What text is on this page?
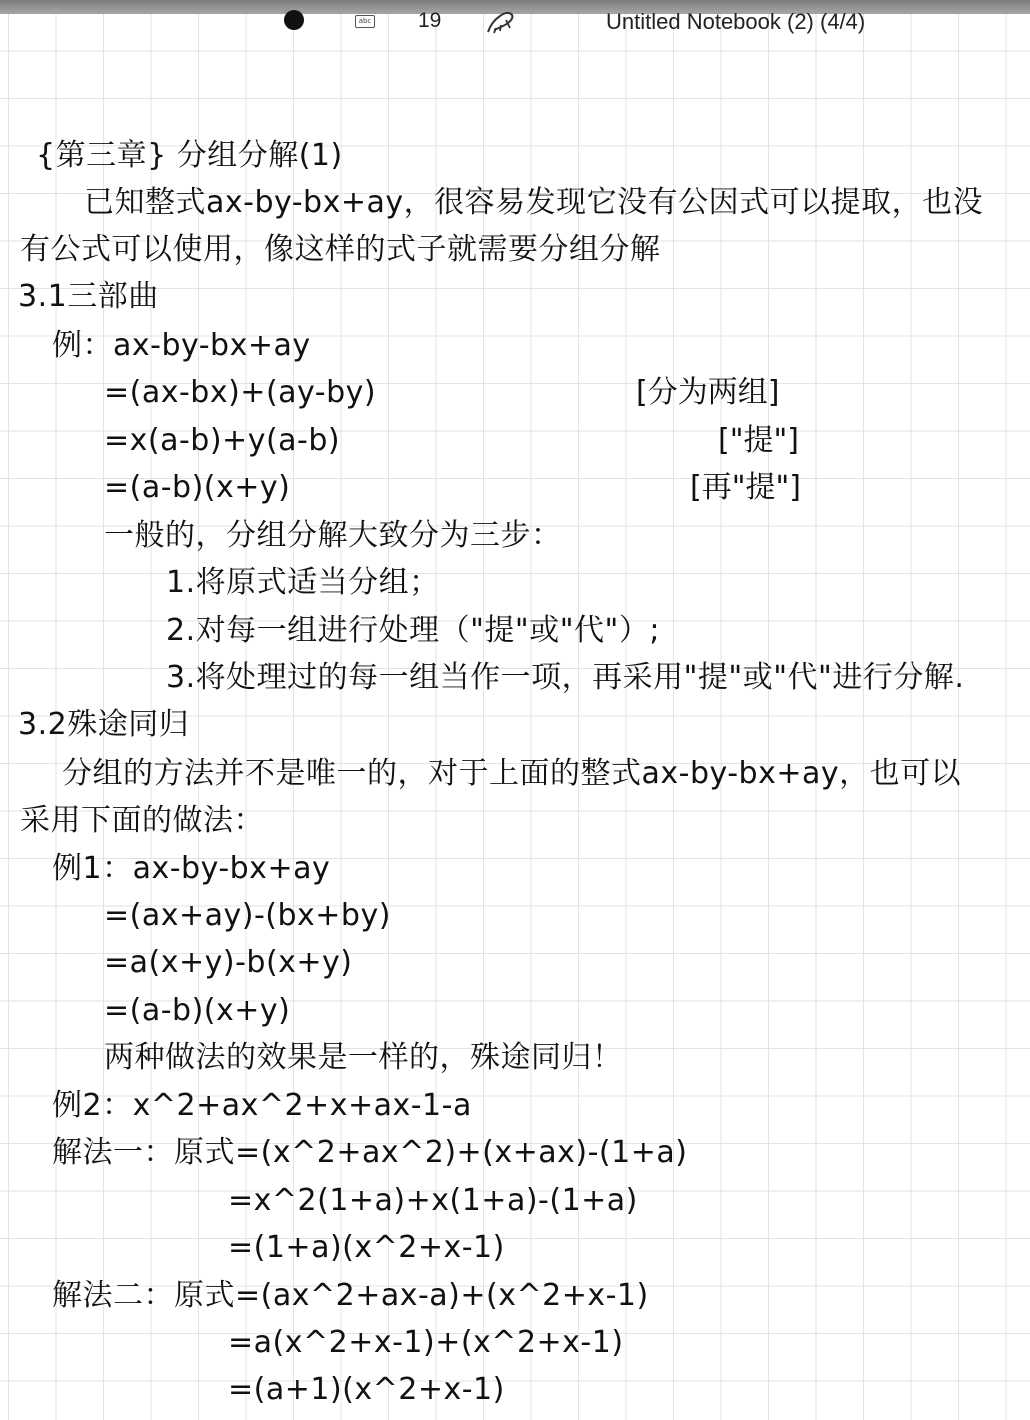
abc 19	Untitled Notebook (2) (4/4)
{第三章} 分组分解(1)
已知整式ax-by-bx+ay，很容易发现它没有公因式可以提取，也没
有公式可以使用，像这样的式子就需要分组分解
3.1三部曲
例：ax-by-bx+ay
=(ax-bx)+(ay-by)	[分为两组]
=x(a-b)+y(a-b)	["提"]
=(a-b)(x+y)	[再"提"]
一般的，分组分解大致分为三步：
1.将原式适当分组；
2.对每一组进行处理（"提"或"代"）;
3.将处理过的每一组当作一项，再采用"提"或"代"进行分解.
3.2殊途同归
分组的方法并不是唯一的，对于上面的整式ax-by-bx+ay，也可以
采用下面的做法：
例1：ax-by-bx+ay
=(ax+ay)-(bx+by)
=a(x+y)-b(x+y)
=(a-b)(x+y)
两种做法的效果是一样的，殊途同归！
例2：x^2+ax^2+x+ax-1-a
解法一：原式=(x^2+ax^2)+(x+ax)-(1+a)
=x^2(1+a)+x(1+a)-(1+a)
=(1+a)(x^2+x-1)
解法二：原式=(ax^2+ax-a)+(x^2+x-1)
=a(x^2+x-1)+(x^2+x-1)
=(a+1)(x^2+x-1)
